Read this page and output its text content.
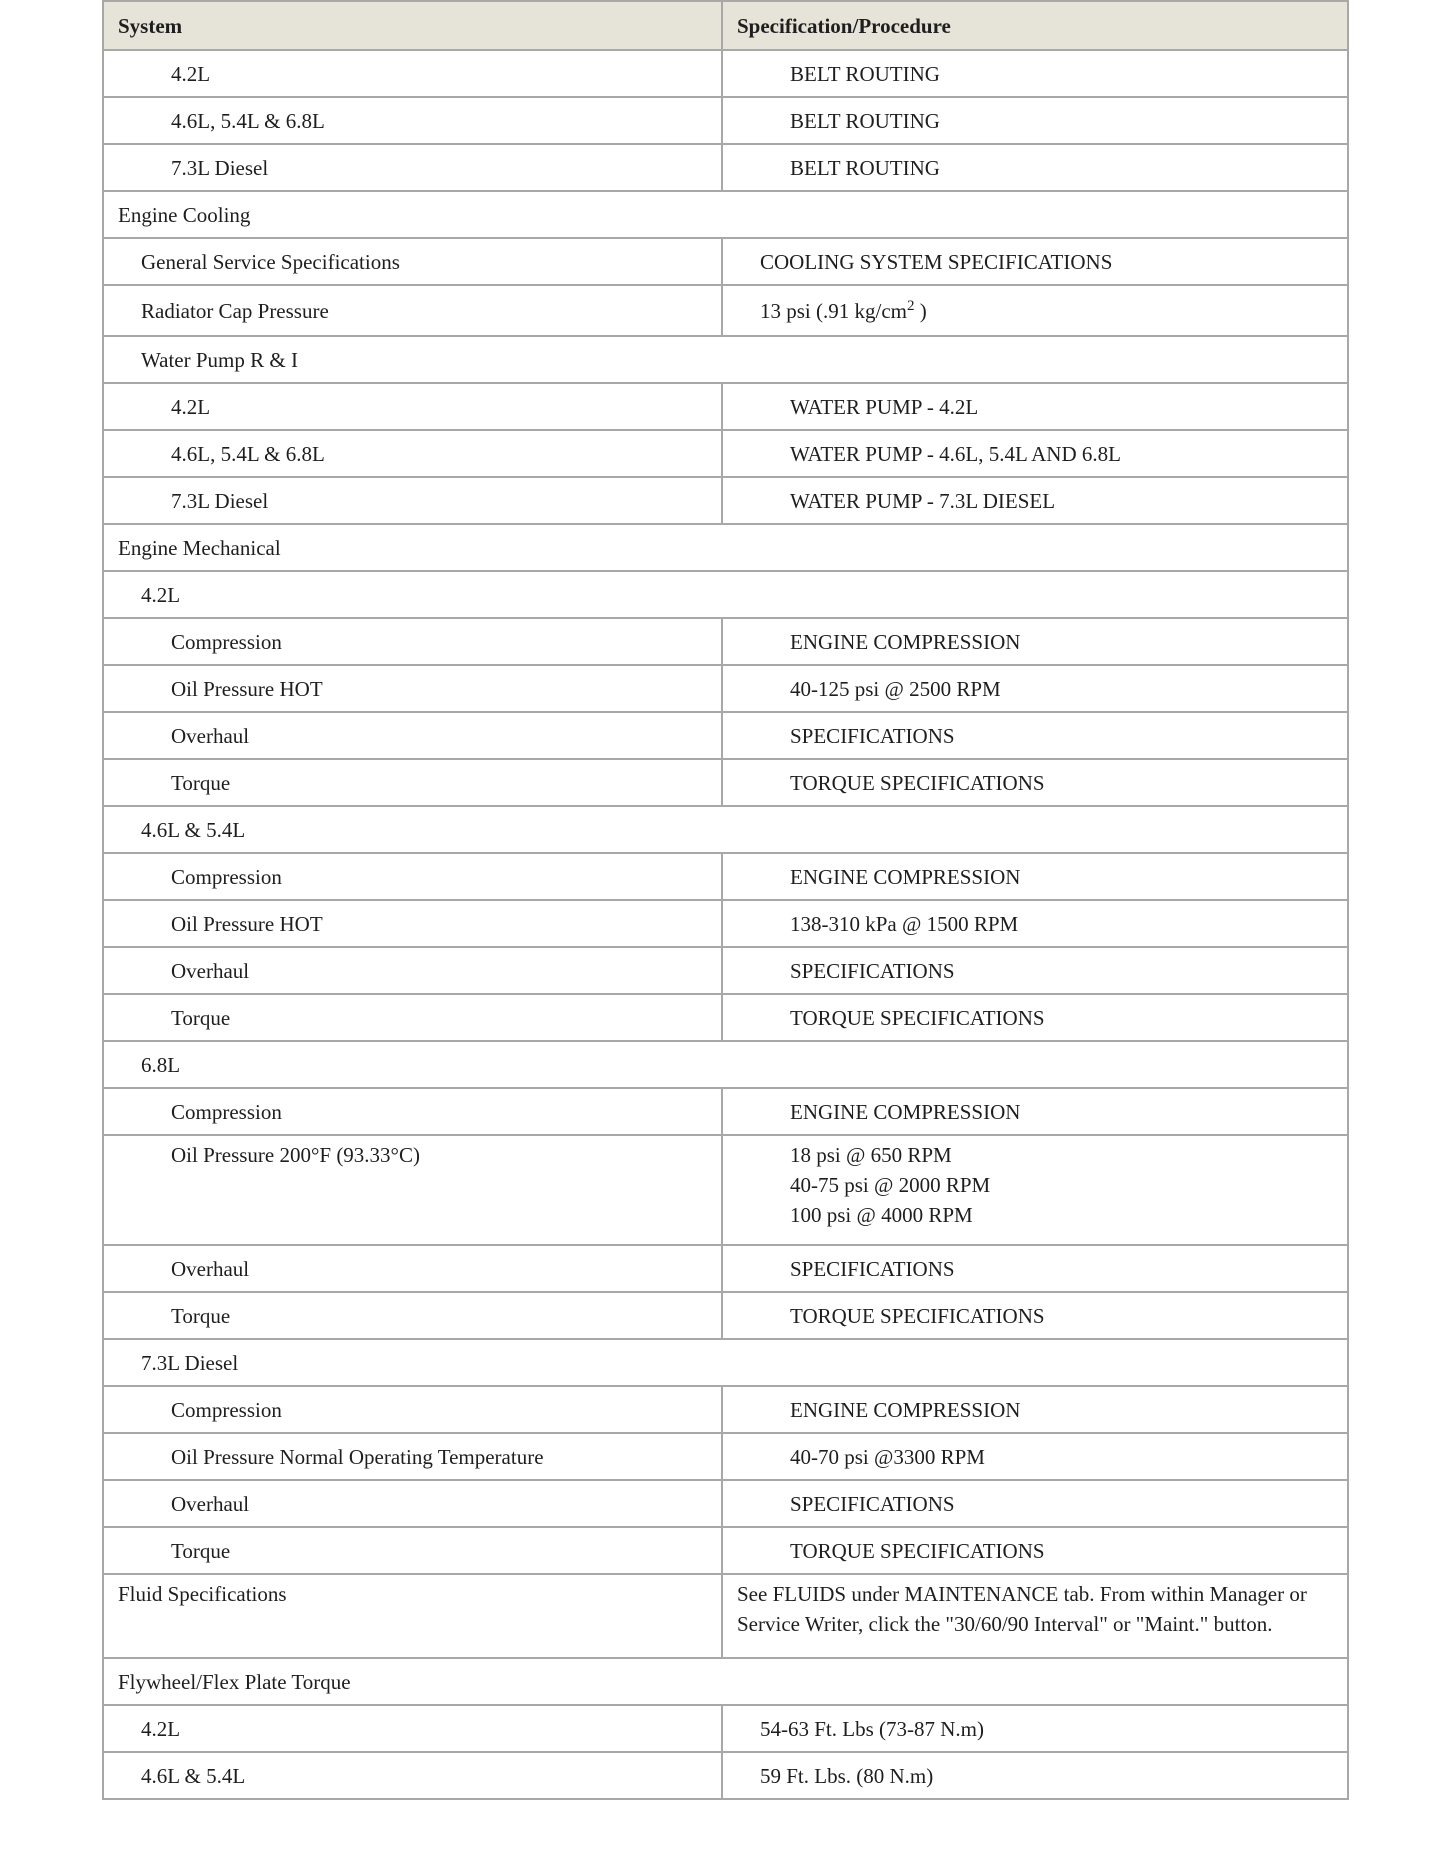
System	Specification/Procedure
4.2L	BELT ROUTING
4.6L, 5.4L & 6.8L	BELT ROUTING
7.3L Diesel	BELT ROUTING
Engine Cooling	
General Service Specifications	COOLING SYSTEM SPECIFICATIONS
Radiator Cap Pressure	13 psi (.91 $kg/cm^2$ )
Water Pump R & I	
4.2L	WATER PUMP - 4.2L
4.6L, 5.4L & 6.8L	WATER PUMP - 4.6L, 5.4L AND 6.8L
7.3L Diesel	WATER PUMP - 7.3L DIESEL
Engine Mechanical	
4.2L	
Compression	ENGINE COMPRESSION
Oil Pressure HOT	40-125 psi @ 2500 RPM
Overhaul	SPECIFICATIONS
Torque	TORQUE SPECIFICATIONS
4.6L & 5.4L	
Compression	ENGINE COMPRESSION
Oil Pressure HOT	138-310 kPa @ 1500 RPM
Overhaul	SPECIFICATIONS
Torque	TORQUE SPECIFICATIONS
6.8L	
Compression	ENGINE COMPRESSION
Oil Pressure 200°F (93.33°C)	18 psi @ 650 RPM
40-75 psi @ 2000 RPM
100 psi @ 4000 RPM

Overhaul	SPECIFICATIONS
Torque	TORQUE SPECIFICATIONS
7.3L Diesel	
Compression	ENGINE COMPRESSION
Oil Pressure Normal Operating Temperature	40-70 psi @3300 RPM
Overhaul	SPECIFICATIONS
Torque	TORQUE SPECIFICATIONS
Fluid Specifications	See FLUIDS under MAINTENANCE tab. From within Manager or
Service Writer, click the "30/60/90 Interval" or "Maint." button.

Flywheel/Flex Plate Torque	
4.2L	54-63 Ft. Lbs (73-87 N.m)
4.6L & 5.4L	59 Ft. Lbs. (80 N.m)
